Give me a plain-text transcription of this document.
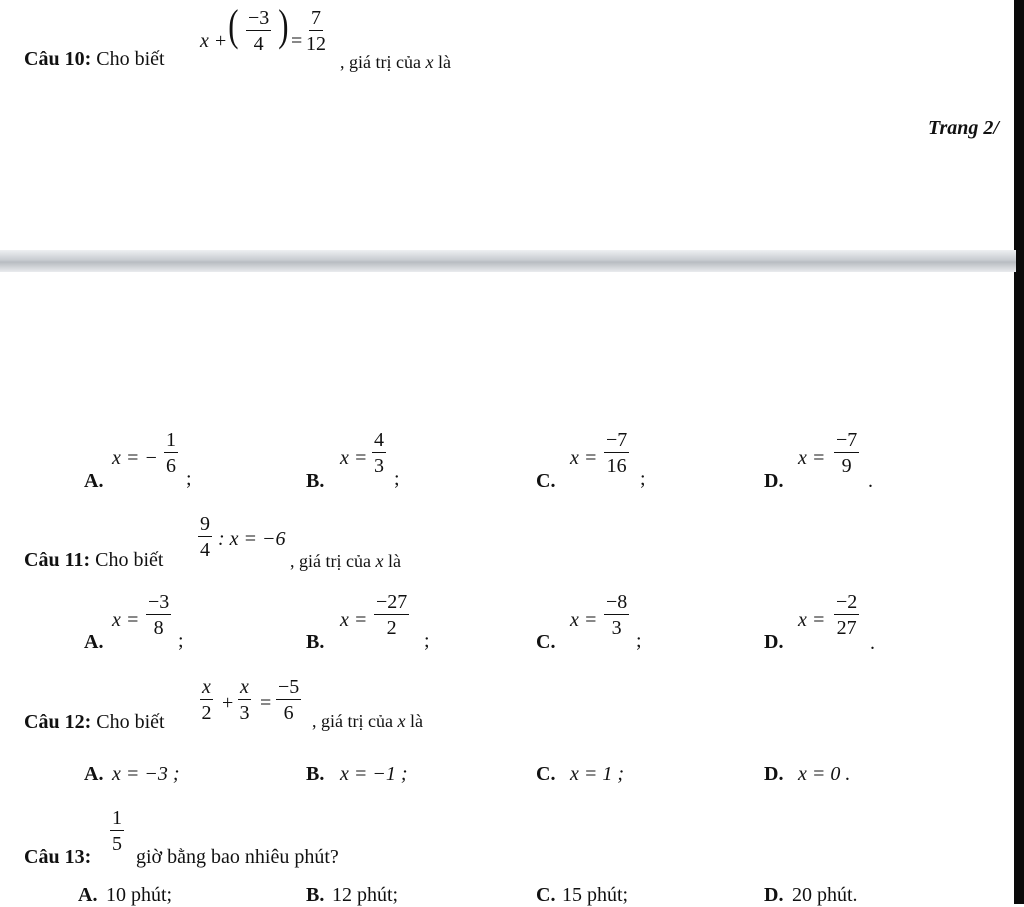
Câu 10: Cho biết
x + ( $\frac{-3}{4}$ ) = $\frac{7}{12}$
, giá trị của x là
Trang 2/
A.
x = − $\frac{1}{6}$
;	B.
$x = \frac{4}{3}$
;	C.
$x = \frac{-7}{16}$
;	D.
$x = \frac{-7}{9}$
.
Câu 11: Cho biết $\frac{9}{4}$ : x = −6
, giá trị của x là
A.
$x = \frac{-3}{8}$
;	B.
$x = \frac{-27}{2}$
;	C.
$x = \frac{-8}{3}$
;	D.
$x = \frac{-2}{27}$
.
Câu 12: Cho biết $\frac{x}{2} + \frac{x}{3} = \frac{-5}{6}$ , giá trị của x là
A. x = −3 ;	B. x = −1 ;	C. x = 1 ;	D. x = 0 .
Câu 13:
$\frac{1}{5}$
giờ bằng bao nhiêu phút?
A. 10 phút;	B. 12 phút;	C. 15 phút;	D. 20 phút.
